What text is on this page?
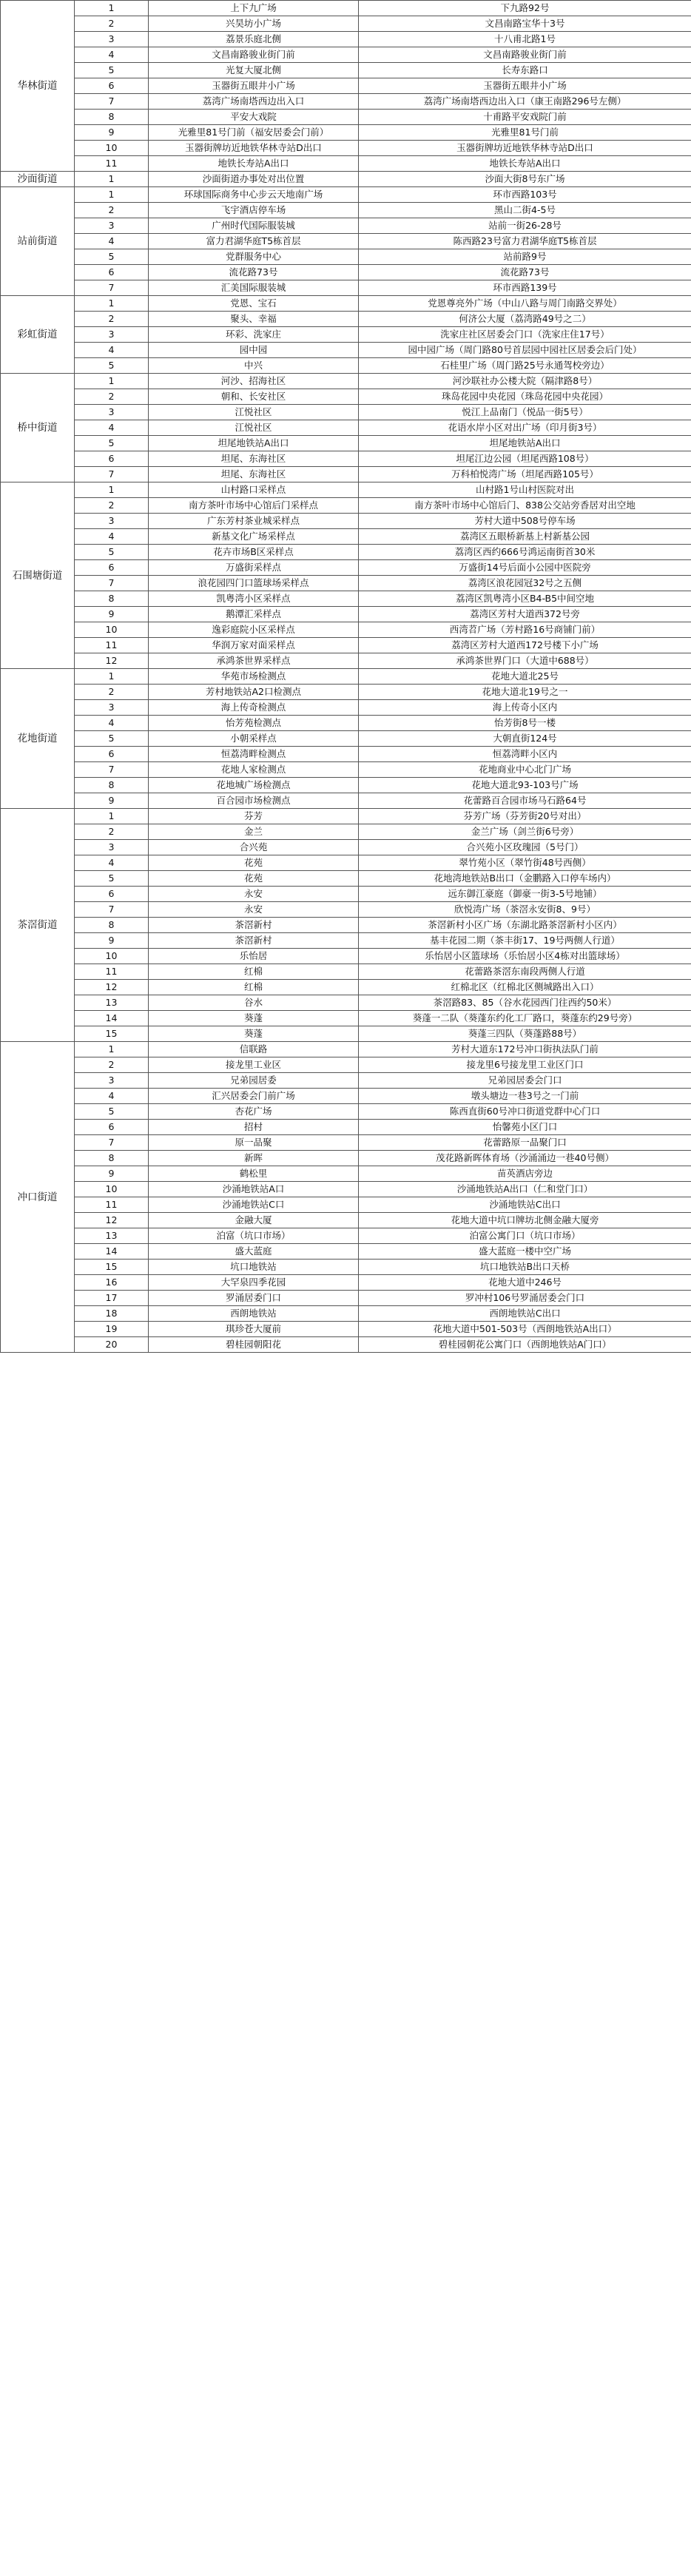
华林街道	1	上下九广场	下九路92号
	2	兴昊坊小广场	文昌南路宝华十3号
	3	荔景乐庭北侧	十八甫北路1号
	4	文昌南路骏业街门前	文昌南路骏业街门前
	5	光复大厦北侧	长寿东路口
	6	玉器街五眼井小广场	玉器街五眼井小广场
	7	荔湾广场南塔西边出入口	荔湾广场南塔西边出入口（康王南路296号左侧）
	8	平安大戏院	十甫路平安戏院门前
	9	光雅里81号门前（福安居委会门前）	光雅里81号门前
	10	玉器街牌坊近地铁华林寺站D出口	玉器街牌坊近地铁华林寺站D出口
	11	地铁长寿站A出口	地铁长寿站A出口
沙面街道	1	沙面街道办事处对出位置	沙面大街8号东广场
站前街道	1	环球国际商务中心步云天地南广场	环市西路103号
	2	飞宇酒店停车场	黑山二街4-5号
	3	广州时代国际服装城	站前一街26-28号
	4	富力君湖华庭T5栋首层	陈西路23号富力君湖华庭T5栋首层
	5	党群服务中心	站前路9号
	6	流花路73号	流花路73号
	7	汇美国际服装城	环市西路139号
彩虹街道	1	党恩、宝石	党恩尊亮外广场（中山八路与周门南路交界处）
	2	聚头、幸福	何济公大厦（荔湾路49号之二）
	3	环彩、洗家庄	洗家庄社区居委会门口（洗家庄住17号）
	4	园中园	园中园广场（周门路80号首层园中园社区居委会后门处）
	5	中兴	石桂里广场（周门路25号永通驾校旁边）
桥中街道	1	河沙、招海社区	河沙联社办公楼大院（隔津路8号）
	2	朝和、长安社区	珠岛花园中央花园（珠岛花园中央花园）
	3	江悦社区	悦江上品南门（悦品一街5号）
	4	江悦社区	花语水岸小区对出广场（印月街3号）
	5	坦尾地铁站A出口	坦尾地铁站A出口
	6	坦尾、东海社区	坦尾江边公园（坦尾西路108号）
	7	坦尾、东海社区	万科柏悦湾广场（坦尾西路105号）
石围塘街道	1	山村路口采样点	山村路1号山村医院对出
	2	南方茶叶市场中心馆后门采样点	南方茶叶市场中心馆后门、838公交站旁香居对出空地
	3	广东芳村茶业城采样点	芳村大道中508号停车场
	4	新基文化广场采样点	荔湾区五眼桥新基上村新基公园
	5	花卉市场B区采样点	荔湾区西约666号鸿运南街首30米
	6	万盛街采样点	万盛街14号后面小公园中医院旁
	7	浪花园四门口篮球场采样点	荔湾区浪花园冠32号之五侧
	8	凯粤湾小区采样点	荔湾区凯粤湾小区B4-B5中间空地
	9	鹅潭汇采样点	荔湾区芳村大道西372号旁
	10	逸彩庭院小区采样点	西湾苕广场（芳村路16号商铺门前）
	11	华润万家对面采样点	荔湾区芳村大道西172号楼下小广场
	12	承鸿茶世界采样点	承鸿茶世界门口（大道中688号）
花地街道	1	华苑市场检测点	花地大道北25号
	2	芳村地铁站A2口检测点	花地大道北19号之一
	3	海上传奇检测点	海上传奇小区内
	4	怡芳苑检测点	怡芳街8号一楼
	5	小朝采样点	大朝直街124号
	6	恒荔湾畔检测点	恒荔湾畔小区内
	7	花地人家检测点	花地商业中心北门广场
	8	花地城广场检测点	花地大道北93-103号广场
	9	百合园市场检测点	花蕾路百合园市场马石路64号
茶滘街道	1	芬芳	芬芳广场（芬芳街20号对出）
	2	金兰	金兰广场（剑兰街6号旁）
	3	合兴苑	合兴苑小区玫瑰园（5号门）
	4	花苑	翠竹苑小区（翠竹街48号西侧）
	5	花苑	花地湾地铁站B出口（金鹏路入口停车场内）
	6	永安	远东御江豪庭（御豪一街3-5号地铺）
	7	永安	欣悦湾广场（茶滘永安街8、9号）
	8	茶滘新村	茶滘新村小区广场（东湖北路茶滘新村小区内）
	9	茶滘新村	基丰花园二期（茶丰街17、19号两侧人行道）
	10	乐怡居	乐怡居小区篮球场（乐怡居小区4栋对出篮球场）
	11	红棉	花蕾路茶滘东南段两侧人行道
	12	红棉	红棉北区（红棉北区侧城路出入口）
	13	谷水	茶滘路83、85（谷水花园西门往西约50米）
	14	葵蓬	葵蓬一二队（葵蓬东约化工厂路口，葵蓬东约29号旁）
	15	葵蓬	葵蓬三四队（葵蓬路88号）
冲口街道	1	信联路	芳村大道东172号冲口街执法队门前
	2	接龙里工业区	接龙里6号接龙里工业区门口
	3	兄弟园居委	兄弟园居委会门口
	4	汇兴居委会门前广场	墩头塘边一巷3号之一门前
	5	杏花广场	陈西直街60号冲口街道党群中心门口
	6	招村	怡馨苑小区门口
	7	原一品聚	花蕾路原一品聚门口
	8	新晖	茂花路新晖体育场（沙涌涌边一巷40号侧）
	9	鹤松里	苗英酒店旁边
	10	沙涌地铁站A口	沙涌地铁站A出口（仁和堂门口）
	11	沙涌地铁站C口	沙涌地铁站C出口
	12	金融大厦	花地大道中坑口牌坊北侧金融大厦旁
	13	泊富（坑口市场）	泊富公寓门口（坑口市场）
	14	盛大蓝庭	盛大蓝庭一楼中空广场
	15	坑口地铁站	坑口地铁站B出口天桥
	16	大罕泉四季花园	花地大道中246号
	17	罗涌居委门口	罗冲村106号罗涌居委会门口
	18	西朗地铁站	西朗地铁站C出口
	19	琪珍苍大厦前	花地大道中501-503号（西朗地铁站A出口）
	20	碧桂园朝阳花	碧桂园朝花公寓门口（西朗地铁站A门口）
